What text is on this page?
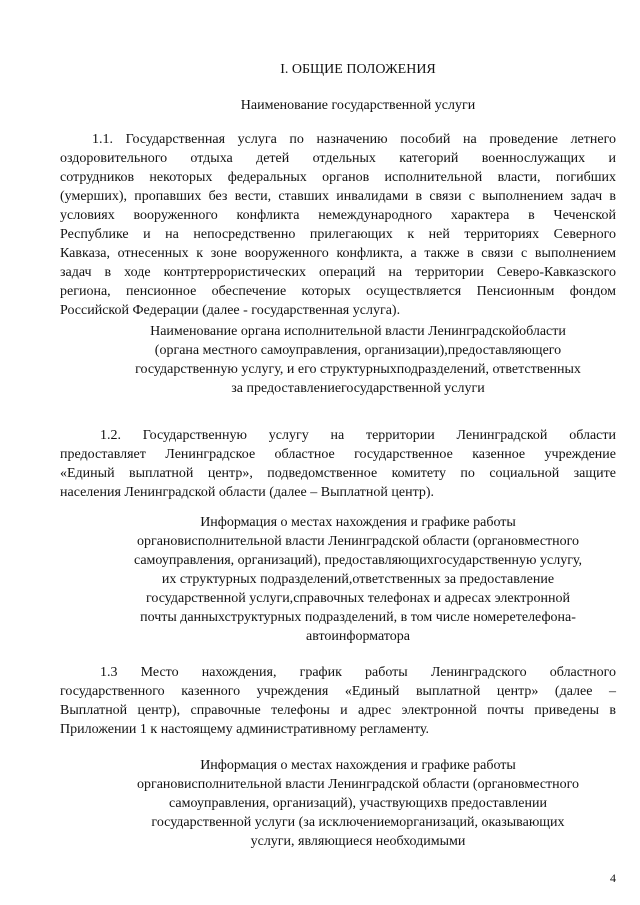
I. ОБЩИЕ ПОЛОЖЕНИЯ
Наименование государственной услуги
1.1. Государственная услуга по назначению пособий на проведение летнего
оздоровительного отдыха детей отдельных категорий военнослужащих и
сотрудников некоторых федеральных органов исполнительной власти, погибших
(умерших), пропавших без вести, ставших инвалидами в связи с выполнением задач в
условиях вооруженного конфликта немеждународного характера в Чеченской
Республике и на непосредственно прилегающих к ней территориях Северного
Кавказа, отнесенных к зоне вооруженного конфликта, а также в связи с выполнением
задач в ходе контртеррористических операций на территории Северо-Кавказского
региона, пенсионное обеспечение которых осуществляется Пенсионным фондом
Российской Федерации (далее - государственная услуга).
Наименование органа исполнительной власти Ленинградскойобласти (органа местного самоуправления, организации),предоставляющего государственную услугу, и его структурныхподразделений, ответственных за предоставлениегосударственной услуги
1.2. Государственную услугу на территории Ленинградской области
предоставляет Ленинградское областное государственное казенное учреждение
«Единый выплатной центр», подведомственное комитету по социальной защите
населения Ленинградской области (далее – Выплатной центр).
Информация о местах нахождения и графике работы органовисполнительной власти Ленинградской области (органовместного самоуправления, организаций), предоставляющихгосударственную услугу, их структурных подразделений,ответственных за предоставление государственной услуги,справочных телефонах и адресах электронной почты данныхструктурных подразделений, в том числе номеретелефона-автоинформатора
1.3 Место нахождения, график работы Ленинградского областного
государственного казенного учреждения «Единый выплатной центр» (далее –
Выплатной центр), справочные телефоны и адрес электронной почты приведены в
Приложении 1 к настоящему административному регламенту.
Информация о местах нахождения и графике работы органовисполнительной власти Ленинградской области (органовместного самоуправления, организаций), участвующихв предоставлении государственной услуги (за исключениеморганизаций, оказывающих услуги, являющиеся необходимыми
4
